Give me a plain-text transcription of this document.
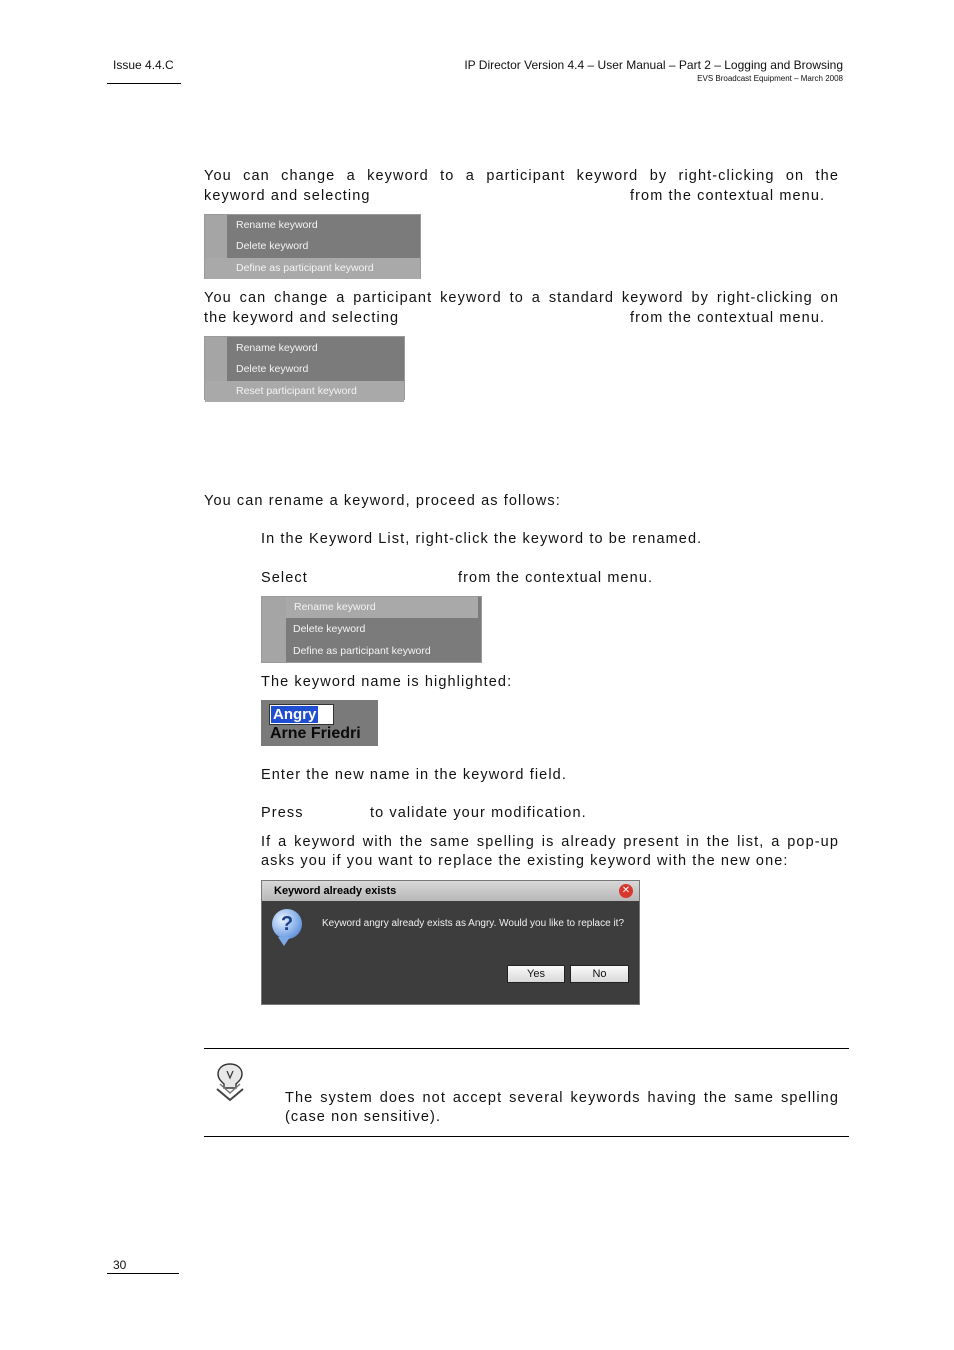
Issue 4.4.C	IP Director Version 4.4 – User Manual – Part 2 – Logging and Browsing
EVS Broadcast Equipment – March 2008
You can change a keyword to a participant keyword by right-clicking on the
keyword and selecting	from the contextual menu.
Rename keyword
Delete keyword
Define as participant keyword
You can change a participant keyword to a standard keyword by right-clicking on
the keyword and selecting	from the contextual menu.
Rename keyword
Delete keyword
Reset participant keyword
You can rename a keyword, proceed as follows:
In the Keyword List, right-click the keyword to be renamed.
Select	from the contextual menu.
Rename keyword
Delete keyword
Define as participant keyword
The keyword name is highlighted:
Angry
Arne Friedri
Enter the new name in the keyword field.
Press	to validate your modification.
If a keyword with the same spelling is already present in the list, a pop-up
asks you if you want to replace the existing keyword with the new one:
Keyword already exists	✕
?	Keyword angry already exists as Angry. Would you like to replace it?
Yes	No
The system does not accept several keywords having the same spelling
(case non sensitive).
30
